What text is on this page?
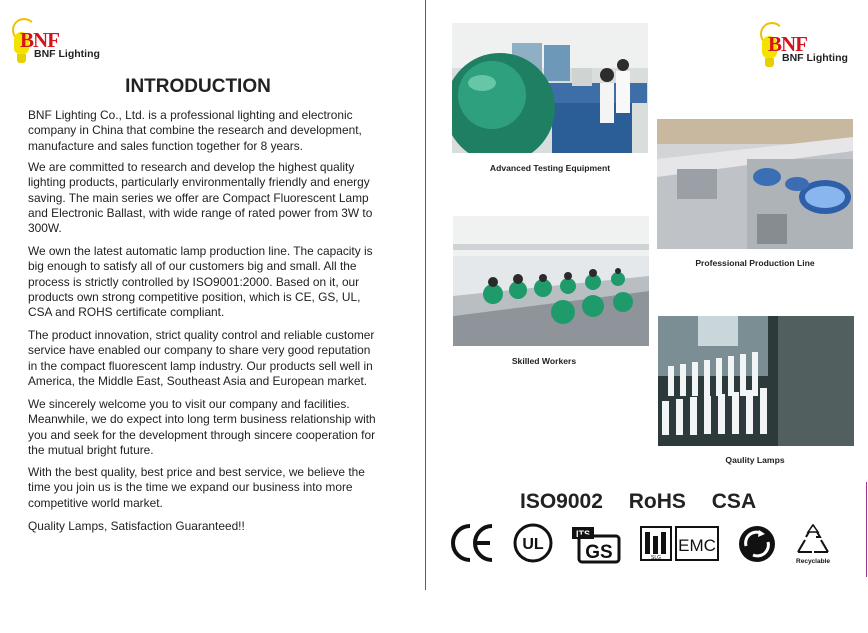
BNF
BNF Lighting
INTRODUCTION

BNF Lighting Co., Ltd. is a professional lighting and electronic company in China that combine the research and development, manufacture and sales function together for 8 years.

We are committed to research and develop the highest quality lighting products, particularly environmentally friendly and energy saving. The main series we offer are Compact Fluorescent Lamp and Electronic Ballast, with wide range of rated power from 3W to 300W.

We own the latest automatic lamp production line. The capacity is big enough to satisfy all of our customers big and small. All the process is strictly controlled by ISO9001:2000. Based on it, our products own strong competitive position, which is CE, GS, UL, CSA and ROHS certificate compliant.

The product innovation, strict quality control and reliable customer service have enabled our company to share very good reputation in the compact fluorescent lamp industry. Our products sell well in America, the Middle East, Southeast Asia and European market.

We sincerely welcome you to visit our company and facilities. Meanwhile, we do expect into long term business relationship with you and seek for the development through sincere cooperation for the mutual bright future.

With the best quality, best price and best service, we believe the time you join us is the time we expand our business into more competitive world market.

Quality Lamps, Satisfaction Guaranteed!!

BNF
BNF Lighting
Advanced Testing Equipment
Professional Production Line
Skilled Workers
Qaulity Lamps
ISO9002 RoHS CSA
UL
ITS
GS	SLG
EMC
Recyclable
